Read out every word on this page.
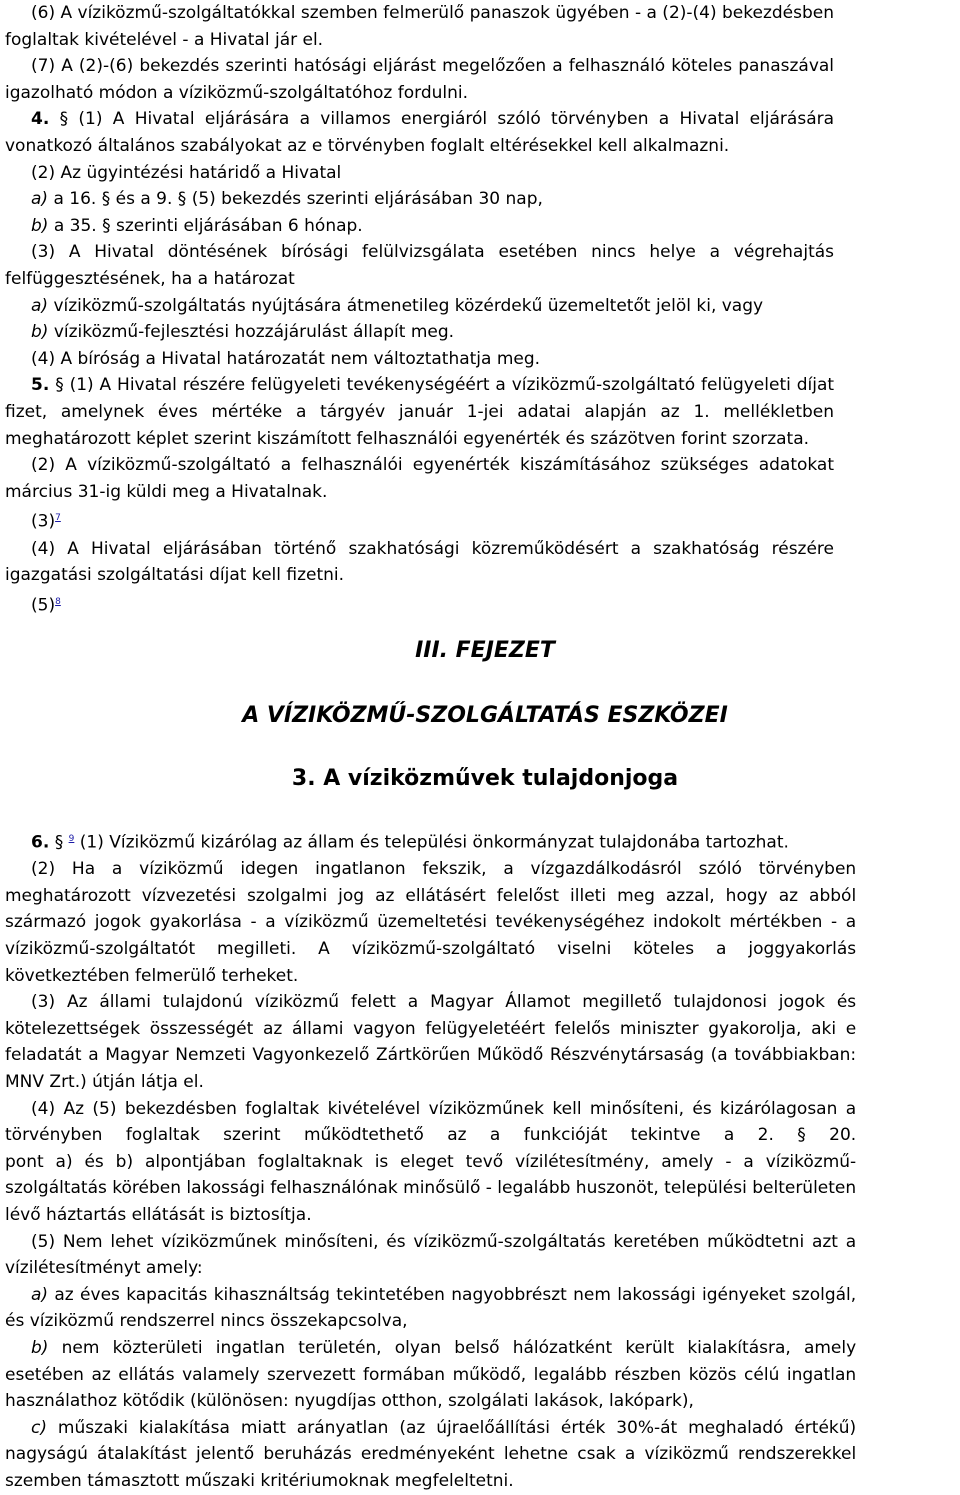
(6) A víziközmű-szolgáltatókkal szemben felmerülő panaszok ügyében - a (2)-(4) bekezdésben

foglaltak kivételével - a Hivatal jár el.

(7) A (2)-(6) bekezdés szerinti hatósági eljárást megelőzően a felhasználó köteles panaszával

igazolható módon a víziközmű-szolgáltatóhoz fordulni.

4. § (1) A Hivatal eljárására a villamos energiáról szóló törvényben a Hivatal eljárására

vonatkozó általános szabályokat az e törvényben foglalt eltérésekkel kell alkalmazni.

(2) Az ügyintézési határidő a Hivatal

a) a 16. § és a 9. § (5) bekezdés szerinti eljárásában 30 nap,

b) a 35. § szerinti eljárásában 6 hónap.

(3) A Hivatal döntésének bírósági felülvizsgálata esetében nincs helye a végrehajtás

felfüggesztésének, ha a határozat

a) víziközmű-szolgáltatás nyújtására átmenetileg közérdekű üzemeltetőt jelöl ki, vagy

b) víziközmű-fejlesztési hozzájárulást állapít meg.

(4) A bíróság a Hivatal határozatát nem változtathatja meg.

5. § (1) A Hivatal részére felügyeleti tevékenységéért a víziközmű-szolgáltató felügyeleti díjat

fizet, amelynek éves mértéke a tárgyév január 1-jei adatai alapján az 1. mellékletben

meghatározott képlet szerint kiszámított felhasználói egyenérték és százötven forint szorzata.

(2) A víziközmű-szolgáltató a felhasználói egyenérték kiszámításához szükséges adatokat

március 31-ig küldi meg a Hivatalnak.

(3)$^7$

(4) A Hivatal eljárásában történő szakhatósági közreműködésért a szakhatóság részére

igazgatási szolgáltatási díjat kell fizetni.

(5)$^8$

III. FEJEZET
A VÍZIKÖZMŰ-SZOLGÁLTATÁS ESZKÖZEI
3. A víziközművek tulajdonjoga

6. § $^9$ (1) Víziközmű kizárólag az állam és települési önkormányzat tulajdonába tartozhat.

(2) Ha a víziközmű idegen ingatlanon fekszik, a vízgazdálkodásról szóló törvényben

meghatározott vízvezetési szolgalmi jog az ellátásért felelőst illeti meg azzal, hogy az abból

származó jogok gyakorlása - a víziközmű üzemeltetési tevékenységéhez indokolt mértékben - a

víziközmű-szolgáltatót megilleti. A víziközmű-szolgáltató viselni köteles a joggyakorlás

következtében felmerülő terheket.

(3) Az állami tulajdonú víziközmű felett a Magyar Államot megillető tulajdonosi jogok és

kötelezettségek összességét az állami vagyon felügyeletéért felelős miniszter gyakorolja, aki e

feladatát a Magyar Nemzeti Vagyonkezelő Zártkörűen Működő Részvénytársaság (a továbbiakban:

MNV Zrt.) útján látja el.

(4) Az (5) bekezdésben foglaltak kivételével víziközműnek kell minősíteni, és kizárólagosan a

törvényben foglaltak szerint működtethető az a funkcióját tekintve a 2. § 20.

pont a) és b) alpontjában foglaltaknak is eleget tevő vízilétesítmény, amely - a víziközmű-

szolgáltatás körében lakossági felhasználónak minősülő - legalább huszonöt, települési belterületen

lévő háztartás ellátását is biztosítja.

(5) Nem lehet víziközműnek minősíteni, és víziközmű-szolgáltatás keretében működtetni azt a

vízilétesítményt amely:

a) az éves kapacitás kihasználtság tekintetében nagyobbrészt nem lakossági igényeket szolgál,

és víziközmű rendszerrel nincs összekapcsolva,

b) nem közterületi ingatlan területén, olyan belső hálózatként került kialakításra, amely

esetében az ellátás valamely szervezett formában működő, legalább részben közös célú ingatlan

használathoz kötődik (különösen: nyugdíjas otthon, szolgálati lakások, lakópark),

c) műszaki kialakítása miatt arányatlan (az újraelőállítási érték 30%-át meghaladó értékű)

nagyságú átalakítást jelentő beruházás eredményeként lehetne csak a víziközmű rendszerekkel

szemben támasztott műszaki kritériumoknak megfeleltetni.
